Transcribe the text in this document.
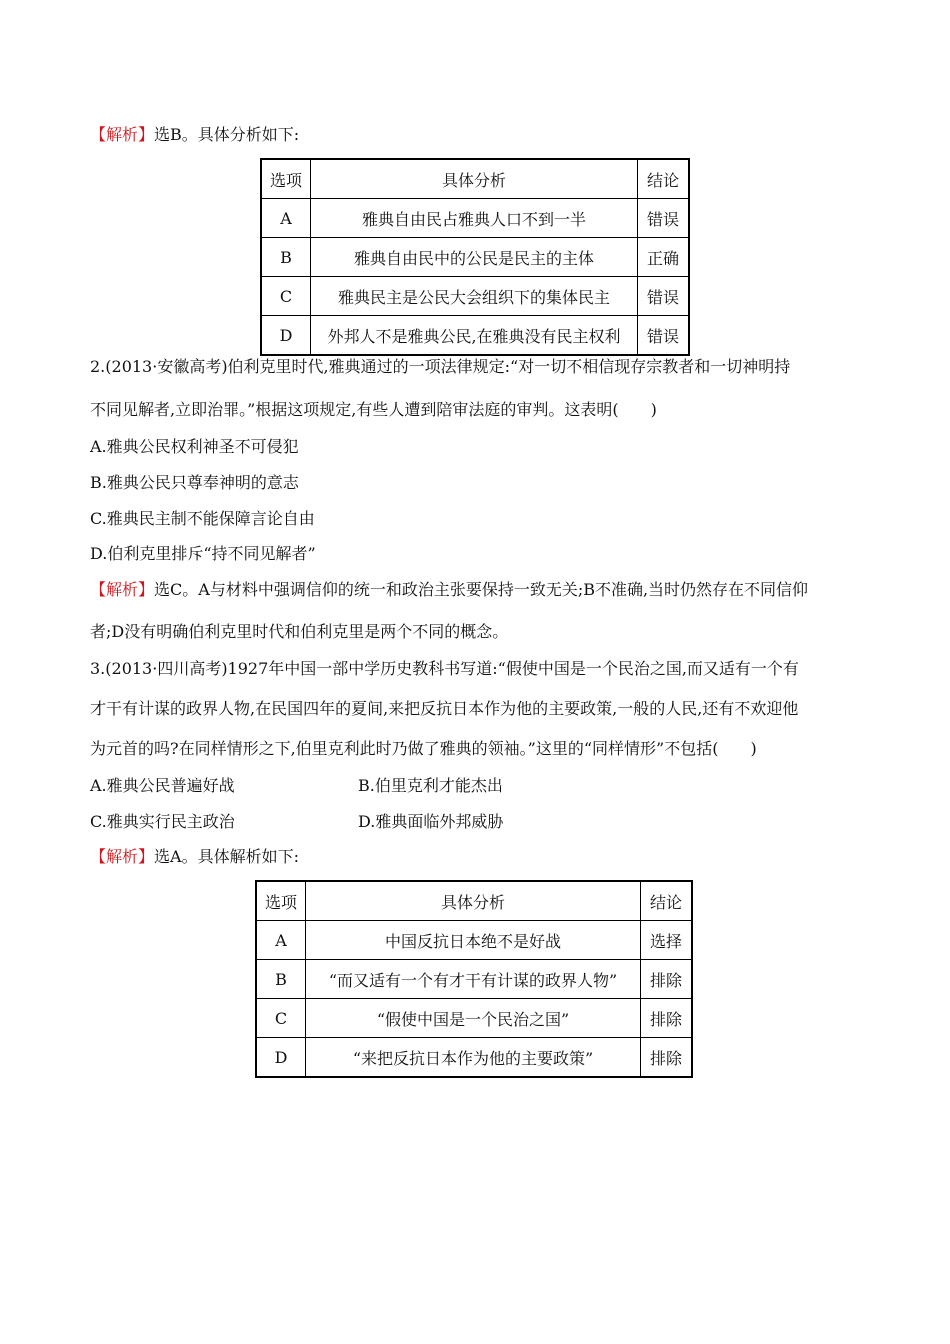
【解析】选B。具体分析如下:
选项	具体分析	结论
A	雅典自由民占雅典人口不到一半	错误
B	雅典自由民中的公民是民主的主体	正确
C	雅典民主是公民大会组织下的集体民主	错误
D	外邦人不是雅典公民,在雅典没有民主权利	错误
2.(2013·安徽高考)伯利克里时代,雅典通过的一项法律规定:“对一切不相信现存宗教者和一切神明持
不同见解者,立即治罪。”根据这项规定,有些人遭到陪审法庭的审判。这表明(　　)
A.雅典公民权利神圣不可侵犯
B.雅典公民只尊奉神明的意志
C.雅典民主制不能保障言论自由
D.伯利克里排斥“持不同见解者”
【解析】选C。A与材料中强调信仰的统一和政治主张要保持一致无关;B不准确,当时仍然存在不同信仰
者;D没有明确伯利克里时代和伯利克里是两个不同的概念。
3.(2013·四川高考)1927年中国一部中学历史教科书写道:“假使中国是一个民治之国,而又适有一个有
才干有计谋的政界人物,在民国四年的夏间,来把反抗日本作为他的主要政策,一般的人民,还有不欢迎他
为元首的吗?在同样情形之下,伯里克利此时乃做了雅典的领袖。”这里的“同样情形”不包括(　　)
A.雅典公民普遍好战	B.伯里克利才能杰出
C.雅典实行民主政治	D.雅典面临外邦威胁
【解析】选A。具体解析如下:
选项	具体分析	结论
A	中国反抗日本绝不是好战	选择
B	“而又适有一个有才干有计谋的政界人物”	排除
C	“假使中国是一个民治之国”	排除
D	“来把反抗日本作为他的主要政策”	排除
